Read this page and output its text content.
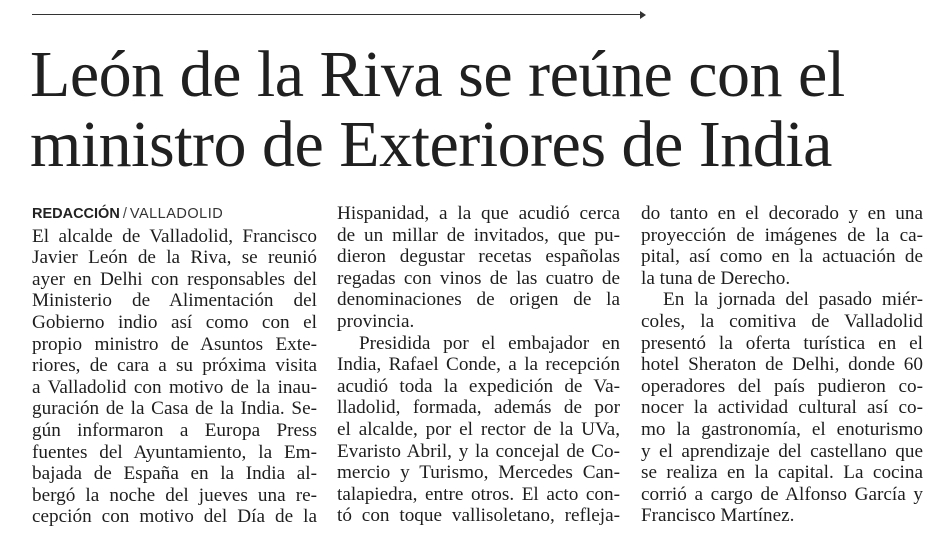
León de la Riva se reúne con el
ministro de Exteriores de India
REDACCIÓN / VALLADOLID
El alcalde de Valladolid, Francisco
Javier León de la Riva, se reunió
ayer en Delhi con responsables del
Ministerio de Alimentación del
Gobierno indio así como con el
propio ministro de Asuntos Exte-
riores, de cara a su próxima visita
a Valladolid con motivo de la inau-
guración de la Casa de la India. Se-
gún informaron a Europa Press
fuentes del Ayuntamiento, la Em-
bajada de España en la India al-
bergó la noche del jueves una re-
cepción con motivo del Día de la
Hispanidad, a la que acudió cerca
de un millar de invitados, que pu-
dieron degustar recetas españolas
regadas con vinos de las cuatro de
denominaciones de origen de la
provincia.
Presidida por el embajador en
India, Rafael Conde, a la recepción
acudió toda la expedición de Va-
lladolid, formada, además de por
el alcalde, por el rector de la UVa,
Evaristo Abril, y la concejal de Co-
mercio y Turismo, Mercedes Can-
talapiedra, entre otros. El acto con-
tó con toque vallisoletano, refleja-
do tanto en el decorado y en una
proyección de imágenes de la ca-
pital, así como en la actuación de
la tuna de Derecho.
En la jornada del pasado miér-
coles, la comitiva de Valladolid
presentó la oferta turística en el
hotel Sheraton de Delhi, donde 60
operadores del país pudieron co-
nocer la actividad cultural así co-
mo la gastronomía, el enoturismo
y el aprendizaje del castellano que
se realiza en la capital. La cocina
corrió a cargo de Alfonso García y
Francisco Martínez.
